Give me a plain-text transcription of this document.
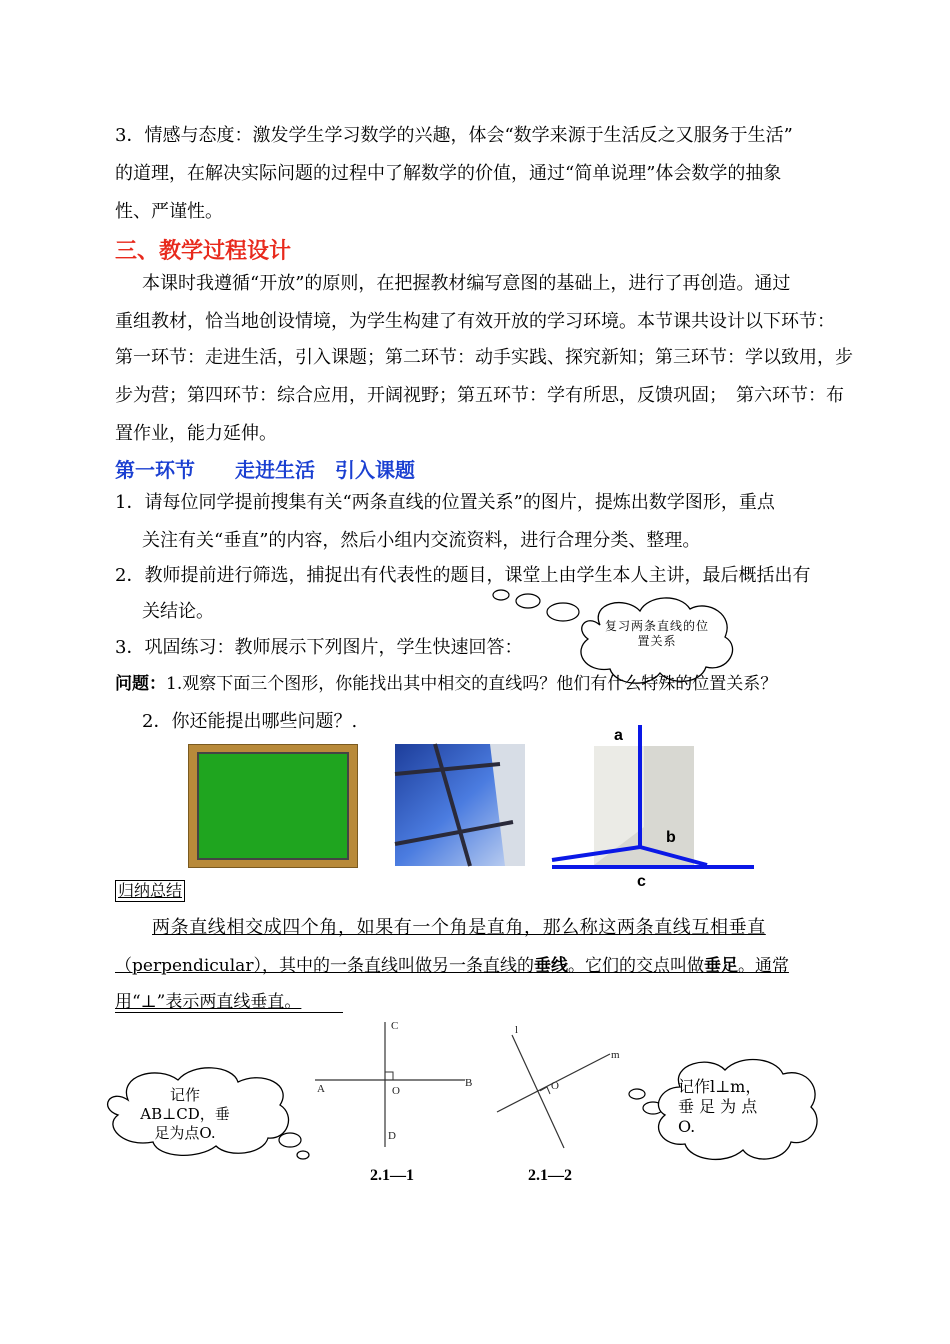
3．情感与态度：激发学生学习数学的兴趣，体会“数学来源于生活反之又服务于生活”
的道理，在解决实际问题的过程中了解数学的价值，通过“简单说理”体会数学的抽象
性、严谨性。
三、教学过程设计
本课时我遵循“开放”的原则，在把握教材编写意图的基础上，进行了再创造。通过
重组教材，恰当地创设情境，为学生构建了有效开放的学习环境。本节课共设计以下环节：
第一环节：走进生活，引入课题；第二环节：动手实践、探究新知；第三环节：学以致用，步
步为营；第四环节：综合应用，开阔视野；第五环节：学有所思，反馈巩固；　第六环节：布
置作业，能力延伸。
第一环节　　走进生活　引入课题
1．请每位同学提前搜集有关“两条直线的位置关系”的图片，提炼出数学图形，重点
关注有关“垂直”的内容，然后小组内交流资料，进行合理分类、整理。
2．教师提前进行筛选，捕捉出有代表性的题目，课堂上由学生本人主讲，最后概括出有
关结论。
3．巩固练习：教师展示下列图片，学生快速回答：
复习两条直线的位置关系
问题：1.观察下面三个图形，你能找出其中相交的直线吗？他们有什么特殊的位置关系？
2．你还能提出哪些问题？.
a
b
c
归纳总结
两条直线相交成四个角，如果有一个角是直角，那么称这两条直线互相垂直
（perpendicular），其中的一条直线叫做另一条直线的垂线。它们的交点叫做垂足。通常
用“⊥”表示两直线垂直。
记作
AB⊥CD，垂
足为点O.
C
A	B
O
D
2.1—1
l
m
O
2.1—2
记作l⊥m，
垂 足 为 点
O.
